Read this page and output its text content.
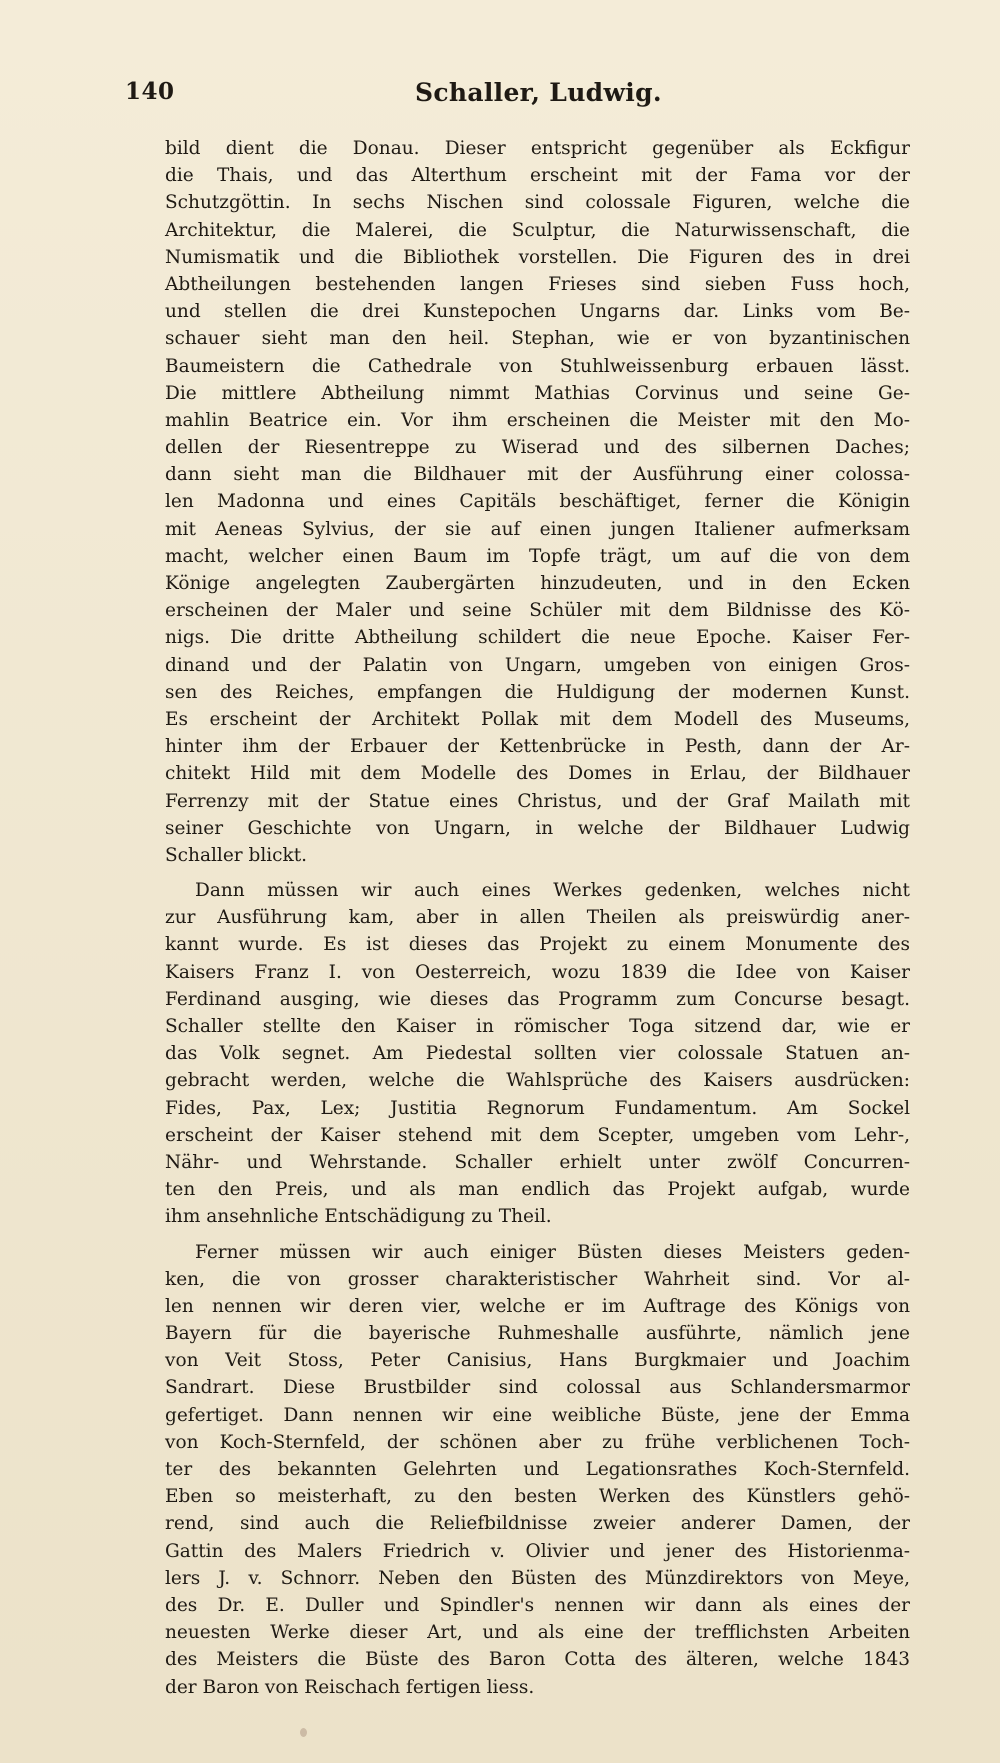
140	Schaller, Ludwig.
bild dient die Donau. Dieser entspricht gegenüber als Eckfigur
die Thais, und das Alterthum erscheint mit der Fama vor der
Schutzgöttin. In sechs Nischen sind colossale Figuren, welche die
Architektur, die Malerei, die Sculptur, die Naturwissenschaft, die
Numismatik und die Bibliothek vorstellen. Die Figuren des in drei
Abtheilungen bestehenden langen Frieses sind sieben Fuss hoch,
und stellen die drei Kunstepochen Ungarns dar. Links vom Be-
schauer sieht man den heil. Stephan, wie er von byzantinischen
Baumeistern die Cathedrale von Stuhlweissenburg erbauen lässt.
Die mittlere Abtheilung nimmt Mathias Corvinus und seine Ge-
mahlin Beatrice ein. Vor ihm erscheinen die Meister mit den Mo-
dellen der Riesentreppe zu Wiserad und des silbernen Daches;
dann sieht man die Bildhauer mit der Ausführung einer colossa-
len Madonna und eines Capitäls beschäftiget, ferner die Königin
mit Aeneas Sylvius, der sie auf einen jungen Italiener aufmerksam
macht, welcher einen Baum im Topfe trägt, um auf die von dem
Könige angelegten Zaubergärten hinzudeuten, und in den Ecken
erscheinen der Maler und seine Schüler mit dem Bildnisse des Kö-
nigs. Die dritte Abtheilung schildert die neue Epoche. Kaiser Fer-
dinand und der Palatin von Ungarn, umgeben von einigen Gros-
sen des Reiches, empfangen die Huldigung der modernen Kunst.
Es erscheint der Architekt Pollak mit dem Modell des Museums,
hinter ihm der Erbauer der Kettenbrücke in Pesth, dann der Ar-
chitekt Hild mit dem Modelle des Domes in Erlau, der Bildhauer
Ferrenzy mit der Statue eines Christus, und der Graf Mailath mit
seiner Geschichte von Ungarn, in welche der Bildhauer Ludwig
Schaller blickt.
Dann müssen wir auch eines Werkes gedenken, welches nicht
zur Ausführung kam, aber in allen Theilen als preiswürdig aner-
kannt wurde. Es ist dieses das Projekt zu einem Monumente des
Kaisers Franz I. von Oesterreich, wozu 1839 die Idee von Kaiser
Ferdinand ausging, wie dieses das Programm zum Concurse besagt.
Schaller stellte den Kaiser in römischer Toga sitzend dar, wie er
das Volk segnet. Am Piedestal sollten vier colossale Statuen an-
gebracht werden, welche die Wahlsprüche des Kaisers ausdrücken:
Fides, Pax, Lex; Justitia Regnorum Fundamentum. Am Sockel
erscheint der Kaiser stehend mit dem Scepter, umgeben vom Lehr-,
Nähr- und Wehrstande. Schaller erhielt unter zwölf Concurren-
ten den Preis, und als man endlich das Projekt aufgab, wurde
ihm ansehnliche Entschädigung zu Theil.
Ferner müssen wir auch einiger Büsten dieses Meisters geden-
ken, die von grosser charakteristischer Wahrheit sind. Vor al-
len nennen wir deren vier, welche er im Auftrage des Königs von
Bayern für die bayerische Ruhmeshalle ausführte, nämlich jene
von Veit Stoss, Peter Canisius, Hans Burgkmaier und Joachim
Sandrart. Diese Brustbilder sind colossal aus Schlandersmarmor
gefertiget. Dann nennen wir eine weibliche Büste, jene der Emma
von Koch-Sternfeld, der schönen aber zu frühe verblichenen Toch-
ter des bekannten Gelehrten und Legationsrathes Koch-Sternfeld.
Eben so meisterhaft, zu den besten Werken des Künstlers gehö-
rend, sind auch die Reliefbildnisse zweier anderer Damen, der
Gattin des Malers Friedrich v. Olivier und jener des Historienma-
lers J. v. Schnorr. Neben den Büsten des Münzdirektors von Meye,
des Dr. E. Duller und Spindler's nennen wir dann als eines der
neuesten Werke dieser Art, und als eine der trefflichsten Arbeiten
des Meisters die Büste des Baron Cotta des älteren, welche 1843
der Baron von Reischach fertigen liess.
